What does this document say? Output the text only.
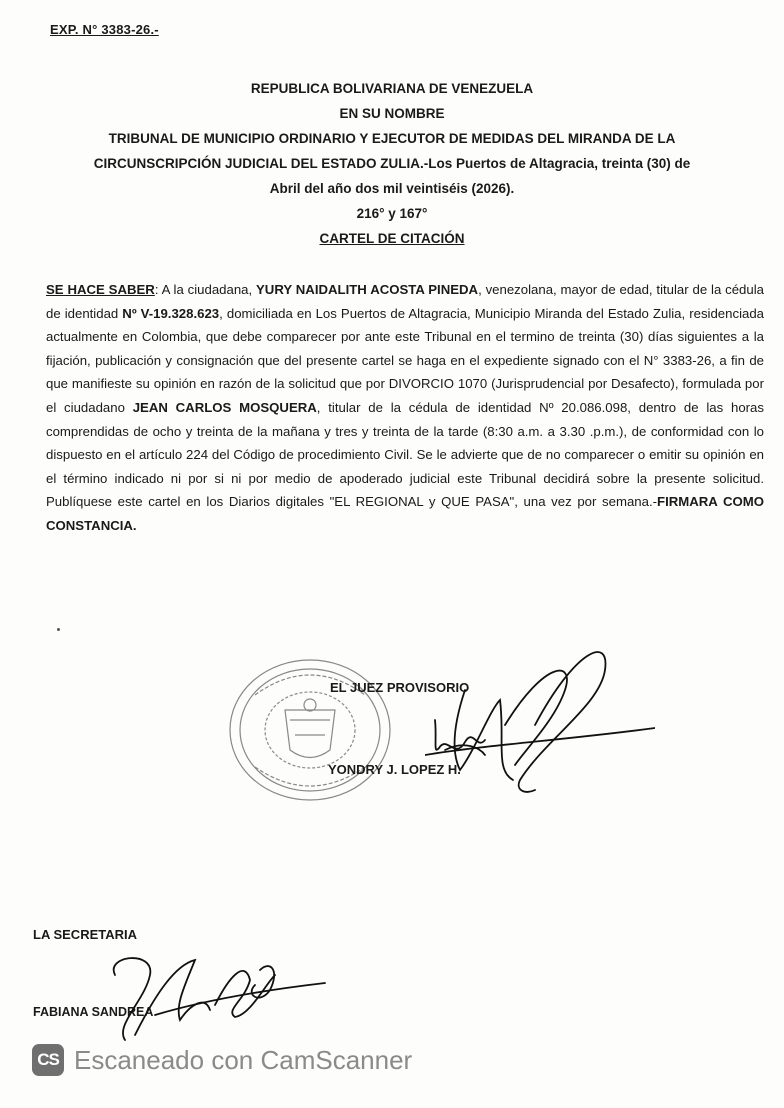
EXP. N° 3383-26.-
REPUBLICA BOLIVARIANA DE VENEZUELA
EN SU NOMBRE
TRIBUNAL DE MUNICIPIO ORDINARIO Y EJECUTOR DE MEDIDAS DEL MIRANDA DE LA
CIRCUNSCRIPCIÓN JUDICIAL DEL ESTADO ZULIA.-Los Puertos de Altagracia, treinta (30) de
Abril del año dos mil veintiséis (2026).
216° y 167°
CARTEL DE CITACIÓN
SE HACE SABER: A la ciudadana, YURY NAIDALITH ACOSTA PINEDA, venezolana, mayor de edad, titular de la cédula de identidad Nº V-19.328.623, domiciliada en Los Puertos de Altagracia, Municipio Miranda del Estado Zulia, residenciada actualmente en Colombia, que debe comparecer por ante este Tribunal en el termino de treinta (30) días siguientes a la fijación, publicación y consignación que del presente cartel se haga en el expediente signado con el N° 3383-26, a fin de que manifieste su opinión en razón de la solicitud que por DIVORCIO 1070 (Jurisprudencial por Desafecto), formulada por el ciudadano JEAN CARLOS MOSQUERA, titular de la cédula de identidad Nº 20.086.098, dentro de las horas comprendidas de ocho y treinta de la mañana y tres y treinta de la tarde (8:30 a.m. a 3.30 .p.m.), de conformidad con lo dispuesto en el artículo 224 del Código de procedimiento Civil. Se le advierte que de no comparecer o emitir su opinión en el término indicado ni por si ni por medio de apoderado judicial este Tribunal decidirá sobre la presente solicitud. Publíquese este cartel en los Diarios digitales "EL REGIONAL y QUE PASA", una vez por semana.-FIRMARA COMO CONSTANCIA.
EL JUEZ PROVISORIO
YONDRY J. LOPEZ H.
LA SECRETARIA
FABIANA SANDREA
CS Escaneado con CamScanner
